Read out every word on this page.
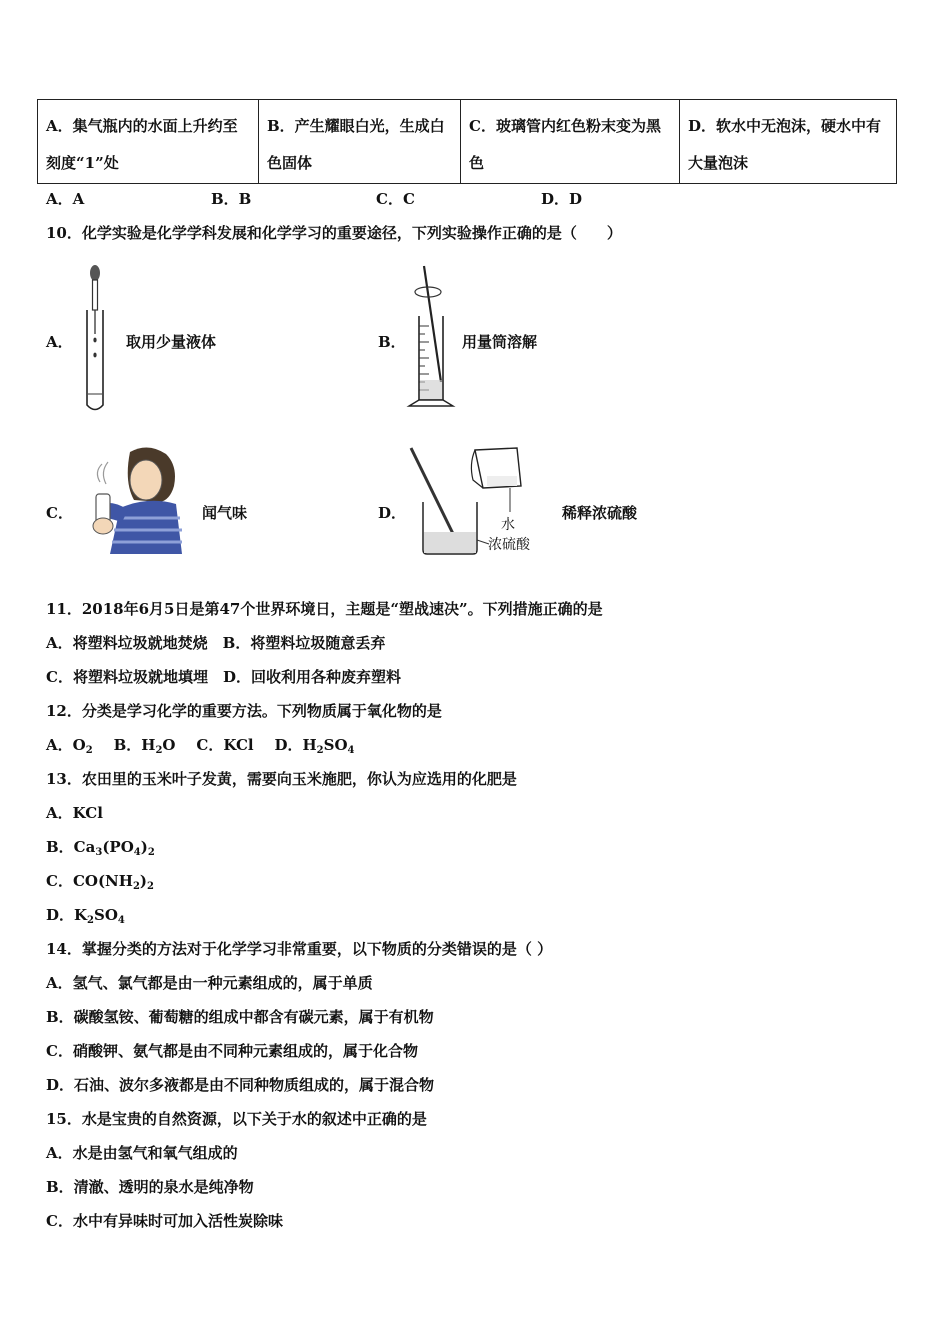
A．集气瓶内的水面上升约至刻度“1”处	B．产生耀眼白光，生成白色固体	C．玻璃管内红色粉末变为黑色	D．软水中无泡沫，硬水中有大量泡沫
A．A	B．B	C．C	D．D
10．化学实验是化学学科发展和化学学习的重要途径，下列实验操作正确的是（　　）
A．	取用少量液体	B．	用量筒溶解
C．	闻气味	D．
水
浓硫酸
稀释浓硫酸
11．2018年6月5日是第47个世界环境日，主题是“塑战速决”。下列措施正确的是
A．将塑料垃圾就地焚烧　B．将塑料垃圾随意丢弃
C．将塑料垃圾就地填埋　D．回收利用各种废弃塑料
12．分类是学习化学的重要方法。下列物质属于氧化物的是
A．$O_2$ B．$H_2O$ C．KCl D．$H_2SO_4$
13．农田里的玉米叶子发黄，需要向玉米施肥，你认为应选用的化肥是
A．KCl
B．$Ca_3(PO_4)_2$
C．$CO(NH_2)_2$
D．$K_2SO_4$
14．掌握分类的方法对于化学学习非常重要，以下物质的分类错误的是（ ）
A．氢气、氯气都是由一种元素组成的，属于单质
B．碳酸氢铵、葡萄糖的组成中都含有碳元素，属于有机物
C．硝酸钾、氨气都是由不同种元素组成的，属于化合物
D．石油、波尔多液都是由不同种物质组成的，属于混合物
15．水是宝贵的自然资源，以下关于水的叙述中正确的是
A．水是由氢气和氧气组成的
B．清澈、透明的泉水是纯净物
C．水中有异味时可加入活性炭除味
